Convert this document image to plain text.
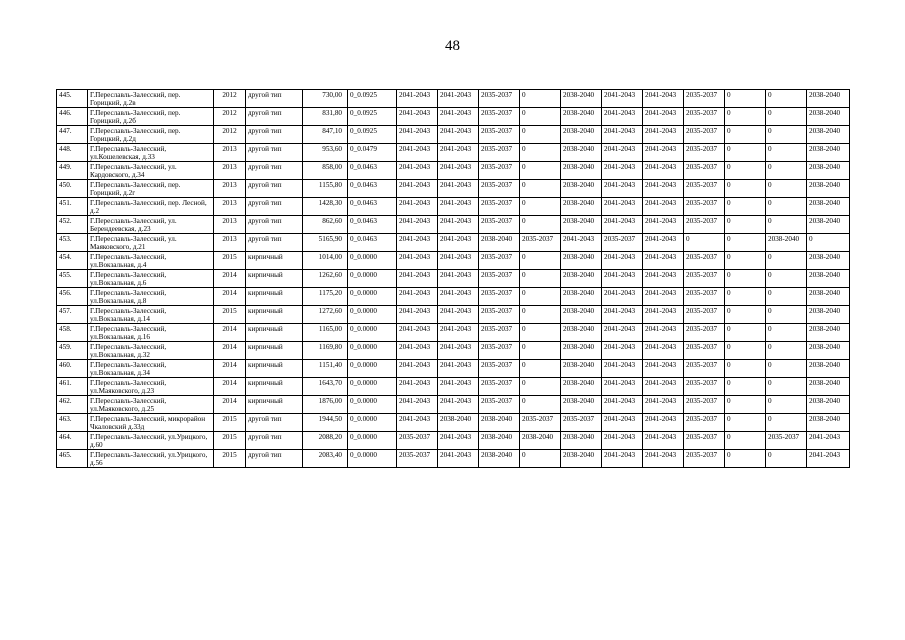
48
445.	Г.Переславль-Залесский, пер. Горицкий, д.2в	2012	другой тип	730,00	0_0.0925	2041-2043	2041-2043	2035-2037	0	2038-2040	2041-2043	2041-2043	2035-2037	0	0	2038-2040
446.	Г.Переславль-Залесский, пер. Горицкий, д.2б	2012	другой тип	831,80	0_0.0925	2041-2043	2041-2043	2035-2037	0	2038-2040	2041-2043	2041-2043	2035-2037	0	0	2038-2040
447.	Г.Переславль-Залесский, пер. Горицкий, д.2д	2012	другой тип	847,10	0_0.0925	2041-2043	2041-2043	2035-2037	0	2038-2040	2041-2043	2041-2043	2035-2037	0	0	2038-2040
448.	Г.Переславль-Залесский, ул.Кошелевская, д.33	2013	другой тип	953,60	0_0.0479	2041-2043	2041-2043	2035-2037	0	2038-2040	2041-2043	2041-2043	2035-2037	0	0	2038-2040
449.	Г.Переславль-Залесский, ул. Кардовского, д.34	2013	другой тип	858,00	0_0.0463	2041-2043	2041-2043	2035-2037	0	2038-2040	2041-2043	2041-2043	2035-2037	0	0	2038-2040
450.	Г.Переславль-Залесский, пер. Горицкий, д.2г	2013	другой тип	1155,80	0_0.0463	2041-2043	2041-2043	2035-2037	0	2038-2040	2041-2043	2041-2043	2035-2037	0	0	2038-2040
451.	Г.Переславль-Залесский, пер. Лесной, д.2	2013	другой тип	1428,30	0_0.0463	2041-2043	2041-2043	2035-2037	0	2038-2040	2041-2043	2041-2043	2035-2037	0	0	2038-2040
452.	Г.Переславль-Залесский, ул. Берендеевская, д.23	2013	другой тип	862,60	0_0.0463	2041-2043	2041-2043	2035-2037	0	2038-2040	2041-2043	2041-2043	2035-2037	0	0	2038-2040
453.	Г.Переславль-Залесский, ул. Маяковского, д.21	2013	другой тип	5165,90	0_0.0463	2041-2043	2041-2043	2038-2040	2035-2037	2041-2043	2035-2037	2041-2043	0	0	2038-2040	0
454.	Г.Переславль-Залесский, ул.Вокзальная, д.4	2015	кирпичный	1014,00	0_0.0000	2041-2043	2041-2043	2035-2037	0	2038-2040	2041-2043	2041-2043	2035-2037	0	0	2038-2040
455.	Г.Переславль-Залесский, ул.Вокзальная, д.6	2014	кирпичный	1262,60	0_0.0000	2041-2043	2041-2043	2035-2037	0	2038-2040	2041-2043	2041-2043	2035-2037	0	0	2038-2040
456.	Г.Переславль-Залесский, ул.Вокзальная, д.8	2014	кирпичный	1175,20	0_0.0000	2041-2043	2041-2043	2035-2037	0	2038-2040	2041-2043	2041-2043	2035-2037	0	0	2038-2040
457.	Г.Переславль-Залесский, ул.Вокзальная, д.14	2015	кирпичный	1272,60	0_0.0000	2041-2043	2041-2043	2035-2037	0	2038-2040	2041-2043	2041-2043	2035-2037	0	0	2038-2040
458.	Г.Переславль-Залесский, ул.Вокзальная, д.16	2014	кирпичный	1165,00	0_0.0000	2041-2043	2041-2043	2035-2037	0	2038-2040	2041-2043	2041-2043	2035-2037	0	0	2038-2040
459.	Г.Переславль-Залесский, ул.Вокзальная, д.32	2014	кирпичный	1169,80	0_0.0000	2041-2043	2041-2043	2035-2037	0	2038-2040	2041-2043	2041-2043	2035-2037	0	0	2038-2040
460.	Г.Переславль-Залесский, ул.Вокзальная, д.34	2014	кирпичный	1151,40	0_0.0000	2041-2043	2041-2043	2035-2037	0	2038-2040	2041-2043	2041-2043	2035-2037	0	0	2038-2040
461.	Г.Переславль-Залесский, ул.Маяковского, д.23	2014	кирпичный	1643,70	0_0.0000	2041-2043	2041-2043	2035-2037	0	2038-2040	2041-2043	2041-2043	2035-2037	0	0	2038-2040
462.	Г.Переславль-Залесский, ул.Маяковского, д.25	2014	кирпичный	1876,00	0_0.0000	2041-2043	2041-2043	2035-2037	0	2038-2040	2041-2043	2041-2043	2035-2037	0	0	2038-2040
463.	Г.Переславль-Залесский, микрорайон Чкаловский д.33д	2015	другой тип	1944,50	0_0.0000	2041-2043	2038-2040	2038-2040	2035-2037	2035-2037	2041-2043	2041-2043	2035-2037	0	0	2038-2040
464.	Г.Переславль-Залесский, ул.Урицкого, д.60	2015	другой тип	2088,20	0_0.0000	2035-2037	2041-2043	2038-2040	2038-2040	2038-2040	2041-2043	2041-2043	2035-2037	0	2035-2037	2041-2043
465.	Г.Переславль-Залесский, ул.Урицкого, д.56	2015	другой тип	2083,40	0_0.0000	2035-2037	2041-2043	2038-2040	0	2038-2040	2041-2043	2041-2043	2035-2037	0	0	2041-2043
